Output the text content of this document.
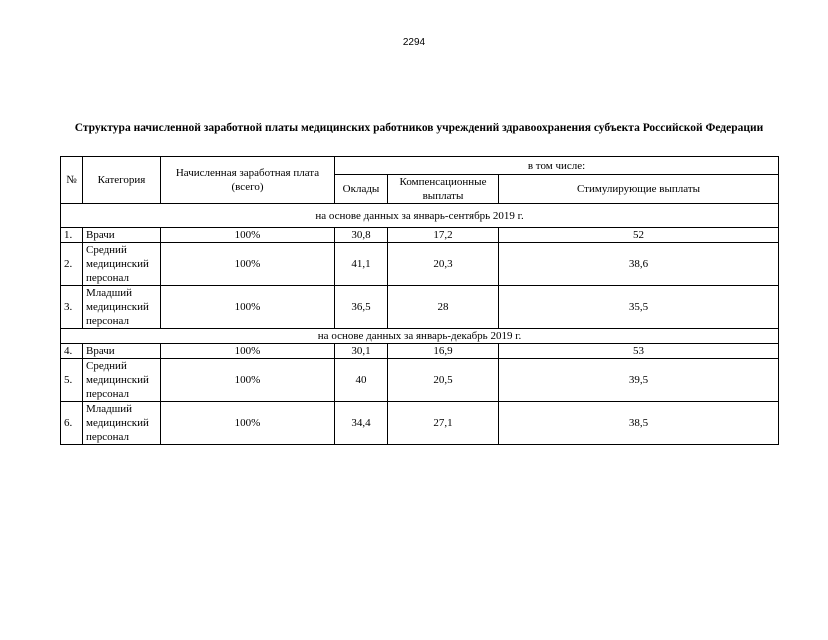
2294
Структура начисленной заработной платы медицинских работников учреждений здравоохранения субъекта Российской Федерации
№	Категория	Начисленная заработная плата (всего)	в том числе:		
			Оклады	Компенсационные выплаты	Стимулирующие выплаты
на основе данных за январь-сентябрь 2019 г.					
1.	Врачи	100%	30,8	17,2	52
2.	Средний медицинский персонал	100%	41,1	20,3	38,6
3.	Младший медицинский персонал	100%	36,5	28	35,5
на основе данных за январь-декабрь 2019 г.					
4.	Врачи	100%	30,1	16,9	53
5.	Средний медицинский персонал	100%	40	20,5	39,5
6.	Младший медицинский персонал	100%	34,4	27,1	38,5
